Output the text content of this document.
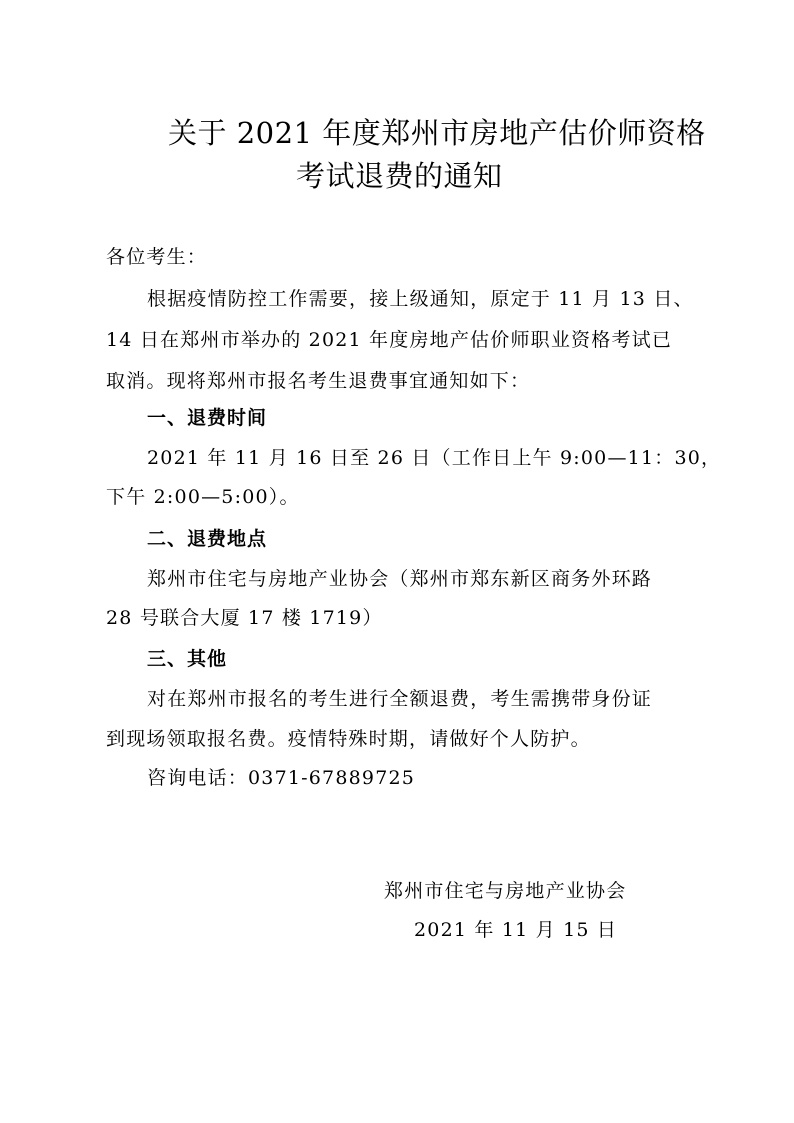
关于 2021 年度郑州市房地产估价师资格
考试退费的通知
各位考生：
根据疫情防控工作需要，接上级通知，原定于 11 月 13 日、
14 日在郑州市举办的 2021 年度房地产估价师职业资格考试已
取消。现将郑州市报名考生退费事宜通知如下：
一、退费时间
2021 年 11 月 16 日至 26 日（工作日上午 9:00—11：30，
下午 2:00—5:00）。
二、退费地点
郑州市住宅与房地产业协会（郑州市郑东新区商务外环路
28 号联合大厦 17 楼 1719）
三、其他
对在郑州市报名的考生进行全额退费，考生需携带身份证
到现场领取报名费。疫情特殊时期，请做好个人防护。
咨询电话：0371-67889725
郑州市住宅与房地产业协会
2021 年 11 月 15 日
